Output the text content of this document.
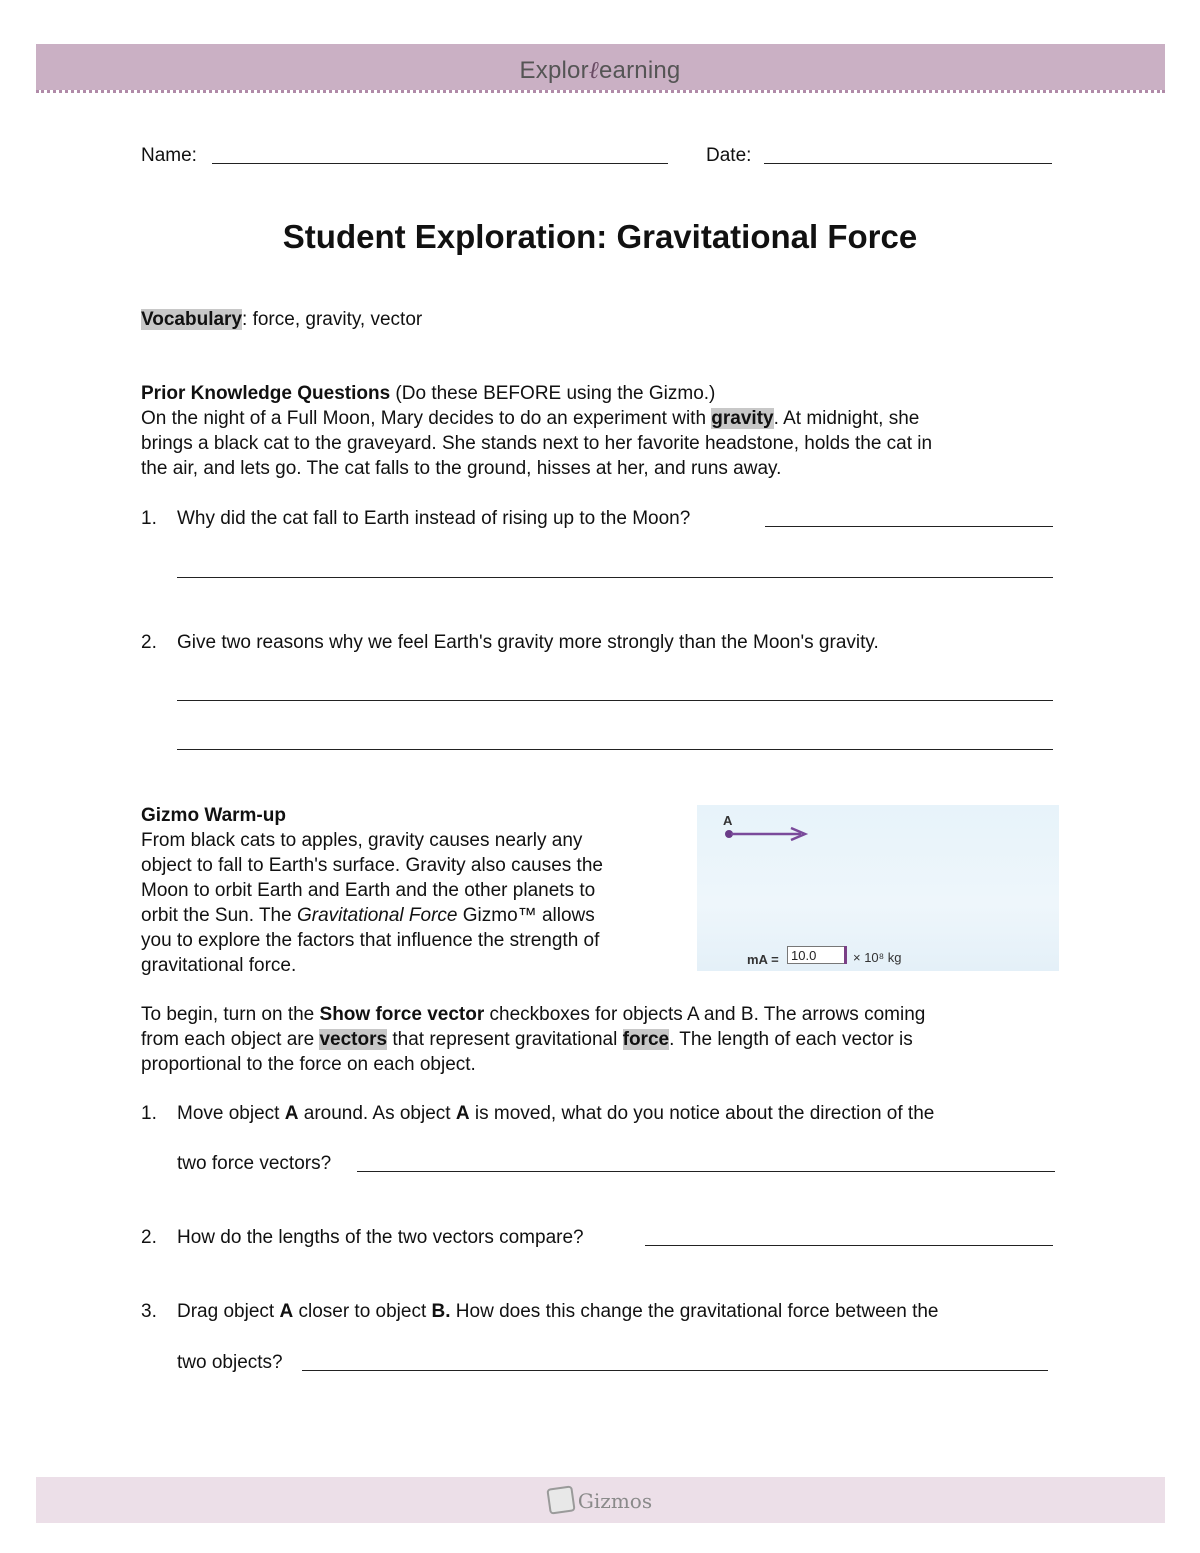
Explorℓearning
Name:	Date:
Student Exploration: Gravitational Force
Vocabulary: force, gravity, vector
Prior Knowledge Questions (Do these BEFORE using the Gizmo.)
On the night of a Full Moon, Mary decides to do an experiment with gravity. At midnight, she
brings a black cat to the graveyard. She stands next to her favorite headstone, holds the cat in
the air, and lets go. The cat falls to the ground, hisses at her, and runs away.
1. Why did the cat fall to Earth instead of rising up to the Moon?
2. Give two reasons why we feel Earth's gravity more strongly than the Moon's gravity.
Gizmo Warm-up
From black cats to apples, gravity causes nearly any
object to fall to Earth's surface. Gravity also causes the
Moon to orbit Earth and Earth and the other planets to
orbit the Sun. The Gravitational Force Gizmo™ allows
you to explore the factors that influence the strength of
gravitational force.
A
mA = 10.0	× 10⁸ kg
To begin, turn on the Show force vector checkboxes for objects A and B. The arrows coming
from each object are vectors that represent gravitational force. The length of each vector is
proportional to the force on each object.
1. Move object A around. As object A is moved, what do you notice about the direction of the
two force vectors?
2. How do the lengths of the two vectors compare?
3. Drag object A closer to object B. How does this change the gravitational force between the
two objects?
Gizmos
